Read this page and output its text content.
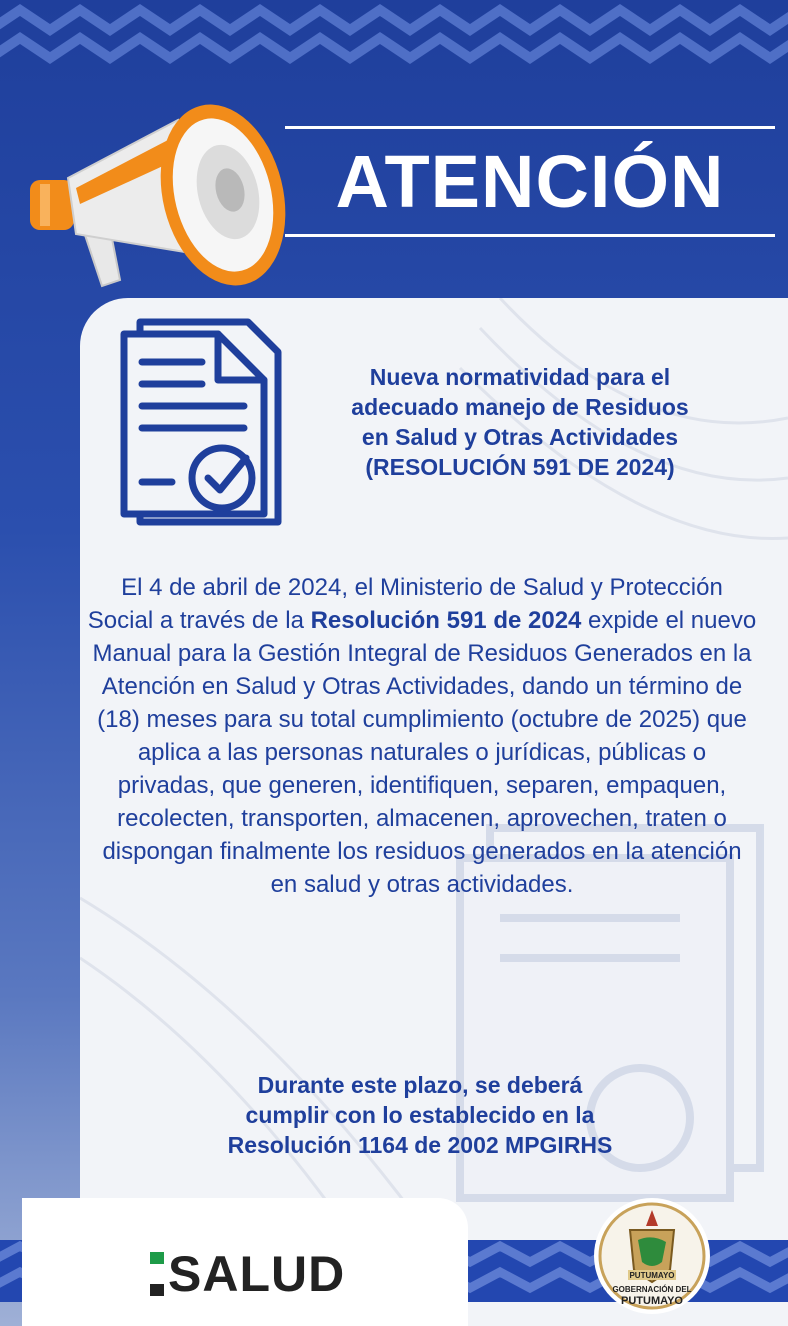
ATENCIÓN

Nueva normatividad para el
adecuado manejo de Residuos
en Salud y Otras Actividades
(RESOLUCIÓN 591 DE 2024)

El 4 de abril de 2024, el Ministerio de Salud y Protección Social a través de la Resolución 591 de 2024 expide el nuevo Manual para la Gestión Integral de Residuos Generados en la Atención en Salud y Otras Actividades, dando un término de (18) meses para su total cumplimiento (octubre de 2025) que aplica a las personas naturales o jurídicas, públicas o privadas, que generen, identifiquen, separen, empaquen, recolecten, transporten, almacenen, aprovechen, traten o dispongan finalmente los residuos generados en la atención en salud y otras actividades.

Durante este plazo, se deberá
cumplir con lo establecido en la
Resolución 1164 de 2002 MPGIRHS

SALUD	PUTUMAYO
GOBERNACIÓN DEL
PUTUMAYO
